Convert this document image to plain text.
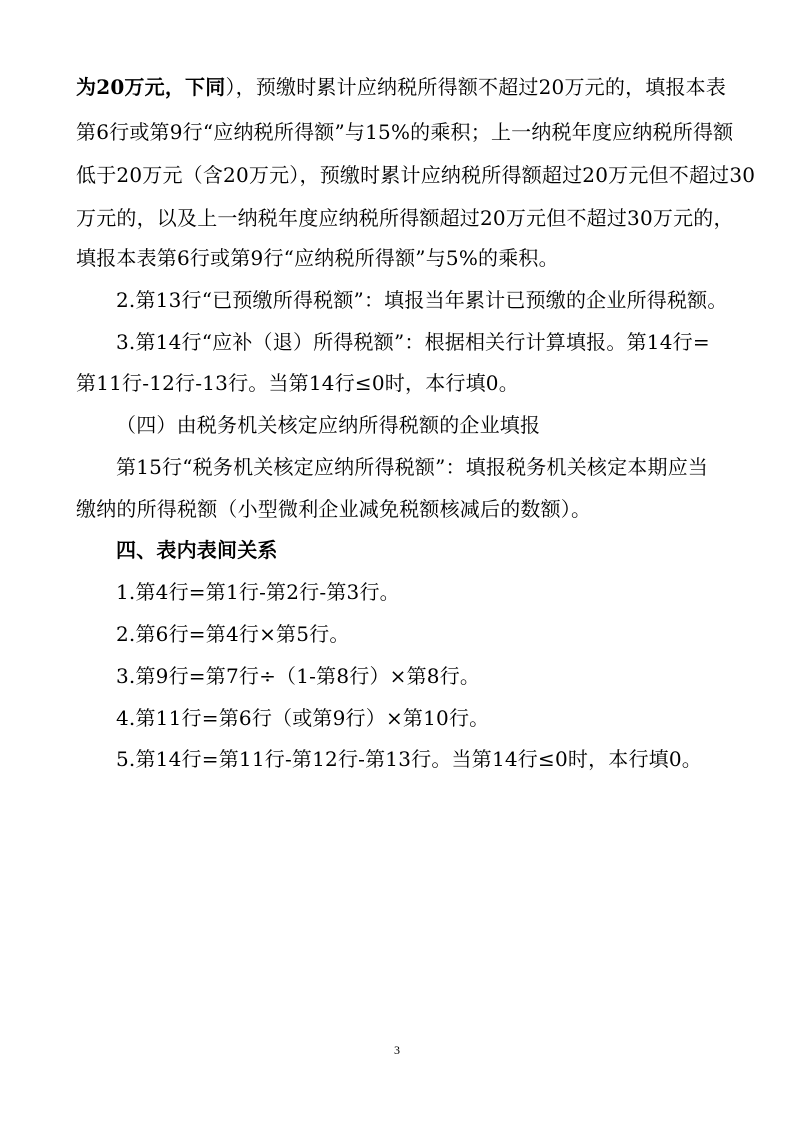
为20万元，下同），预缴时累计应纳税所得额不超过20万元的，填报本表
第6行或第9行“应纳税所得额”与15%的乘积；上一纳税年度应纳税所得额
低于20万元（含20万元），预缴时累计应纳税所得额超过20万元但不超过30
万元的，以及上一纳税年度应纳税所得额超过20万元但不超过30万元的，
填报本表第6行或第9行“应纳税所得额”与5%的乘积。
2.第13行“已预缴所得税额”：填报当年累计已预缴的企业所得税额。
3.第14行“应补（退）所得税额”：根据相关行计算填报。第14行=
第11行-12行-13行。当第14行≤0时，本行填0。
（四）由税务机关核定应纳所得税额的企业填报
第15行“税务机关核定应纳所得税额”：填报税务机关核定本期应当
缴纳的所得税额（小型微利企业减免税额核减后的数额）。
四、表内表间关系
1.第4行=第1行-第2行-第3行。
2.第6行=第4行×第5行。
3.第9行=第7行÷（1-第8行）×第8行。
4.第11行=第6行（或第9行）×第10行。
5.第14行=第11行-第12行-第13行。当第14行≤0时，本行填0。
3
